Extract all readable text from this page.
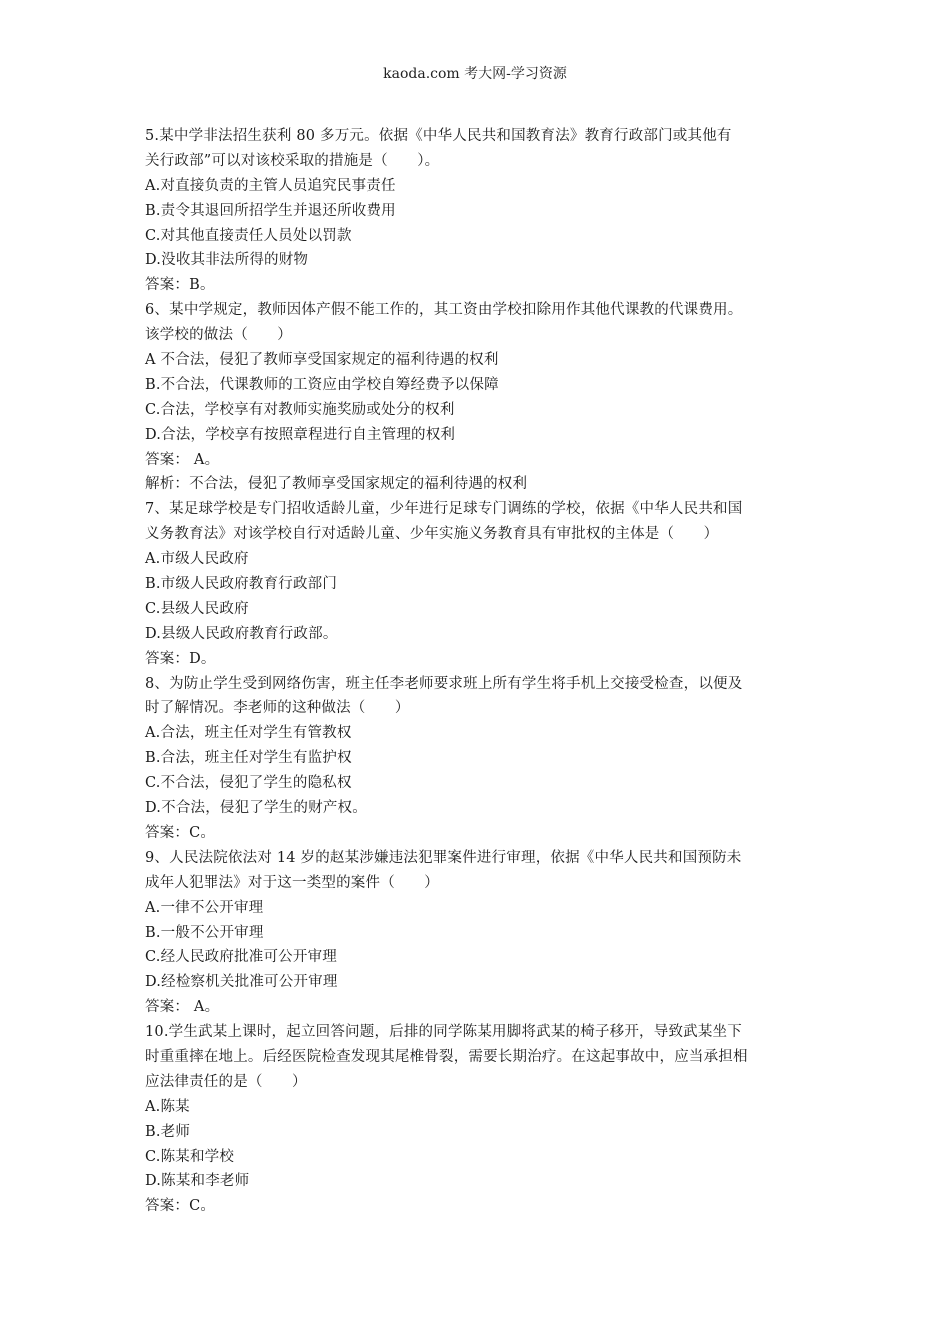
kaoda.com 考大网-学习资源
5.某中学非法招生获利 80 多万元。依据《中华人民共和国教育法》教育行政部门或其他有
关行政部”可以对该校采取的措施是（　　）。
A.对直接负责的主管人员追究民事责任
B.责令其退回所招学生并退还所收费用
C.对其他直接责任人员处以罚款
D.没收其非法所得的财物
答案：B。
6、某中学规定，教师因体产假不能工作的，其工资由学校扣除用作其他代课教的代课费用。
该学校的做法（　　）
A 不合法，侵犯了教师享受国家规定的福利待遇的权利
B.不合法，代课教师的工资应由学校自筹经费予以保障
C.合法，学校享有对教师实施奖励或处分的权利
D.合法，学校享有按照章程进行自主管理的权利
答案： A。
解析：不合法，侵犯了教师享受国家规定的福利待遇的权利
7、某足球学校是专门招收适龄儿童，少年进行足球专门调练的学校，依据《中华人民共和国
义务教育法》对该学校自行对适龄儿童、少年实施义务教育具有审批权的主体是（　　）
A.市级人民政府
B.市级人民政府教育行政部门
C.县级人民政府
D.县级人民政府教育行政部。
答案：D。
8、为防止学生受到网络伤害，班主任李老师要求班上所有学生将手机上交接受检查，以便及
时了解情况。李老师的这种做法（　　）
A.合法，班主任对学生有管教权
B.合法，班主任对学生有监护权
C.不合法，侵犯了学生的隐私权
D.不合法，侵犯了学生的财产权。
答案：C。
9、人民法院依法对 14 岁的赵某涉嫌违法犯罪案件进行审理，依据《中华人民共和国预防未
成年人犯罪法》对于这一类型的案件（　　）
A.一律不公开审理
B.一般不公开审理
C.经人民政府批准可公开审理
D.经检察机关批准可公开审理
答案： A。
10.学生武某上课时，起立回答问题，后排的同学陈某用脚将武某的椅子移开，导致武某坐下
时重重摔在地上。后经医院检查发现其尾椎骨裂，需要长期治疗。在这起事故中，应当承担相
应法律责任的是（　　）
A.陈某
B.老师
C.陈某和学校
D.陈某和李老师
答案：C。
